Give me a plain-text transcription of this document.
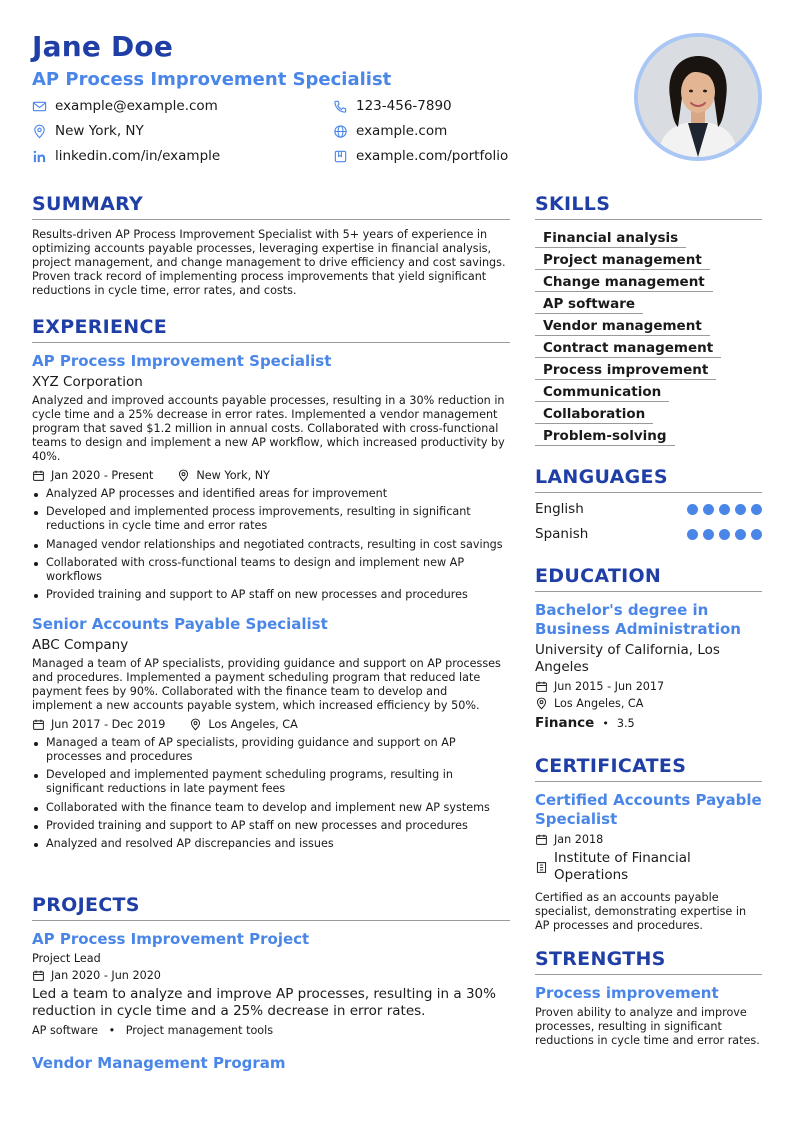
Jane Doe
AP Process Improvement Specialist
example@example.com	123-456-7890
New York, NY	example.com
linkedin.com/in/example	example.com/portfolio
SUMMARY
Results-driven AP Process Improvement Specialist with 5+ years of experience in optimizing accounts payable processes, leveraging expertise in financial analysis, project management, and change management to drive efficiency and cost savings. Proven track record of implementing process improvements that yield significant reductions in cycle time, error rates, and costs.
EXPERIENCE
AP Process Improvement Specialist
XYZ Corporation
Analyzed and improved accounts payable processes, resulting in a 30% reduction in cycle time and a 25% decrease in error rates. Implemented a vendor management program that saved $1.2 million in annual costs. Collaborated with cross-functional teams to design and implement a new AP workflow, which increased productivity by 40%.
Jan 2020 - Present	New York, NY
Analyzed AP processes and identified areas for improvement
Developed and implemented process improvements, resulting in significant reductions in cycle time and error rates
Managed vendor relationships and negotiated contracts, resulting in cost savings
Collaborated with cross-functional teams to design and implement new AP workflows
Provided training and support to AP staff on new processes and procedures
Senior Accounts Payable Specialist
ABC Company
Managed a team of AP specialists, providing guidance and support on AP processes and procedures. Implemented a payment scheduling program that reduced late payment fees by 90%. Collaborated with the finance team to develop and implement a new accounts payable system, which increased efficiency by 50%.
Jun 2017 - Dec 2019	Los Angeles, CA
Managed a team of AP specialists, providing guidance and support on AP processes and procedures
Developed and implemented payment scheduling programs, resulting in significant reductions in late payment fees
Collaborated with the finance team to develop and implement new AP systems
Provided training and support to AP staff on new processes and procedures
Analyzed and resolved AP discrepancies and issues
PROJECTS
AP Process Improvement Project
Project Lead
Jan 2020 - Jun 2020
Led a team to analyze and improve AP processes, resulting in a 30% reduction in cycle time and a 25% decrease in error rates.
AP software • Project management tools
Vendor Management Program
SKILLS
Financial analysis
Project management
Change management
AP software
Vendor management
Contract management
Process improvement
Communication
Collaboration
Problem-solving
LANGUAGES
English
Spanish
EDUCATION
Bachelor's degree in Business Administration
University of California, Los Angeles
Jun 2015 - Jun 2017
Los Angeles, CA
Finance • 3.5
CERTIFICATES
Certified Accounts Payable Specialist
Jan 2018
Institute of Financial Operations
Certified as an accounts payable specialist, demonstrating expertise in AP processes and procedures.
STRENGTHS
Process improvement
Proven ability to analyze and improve processes, resulting in significant reductions in cycle time and error rates.
